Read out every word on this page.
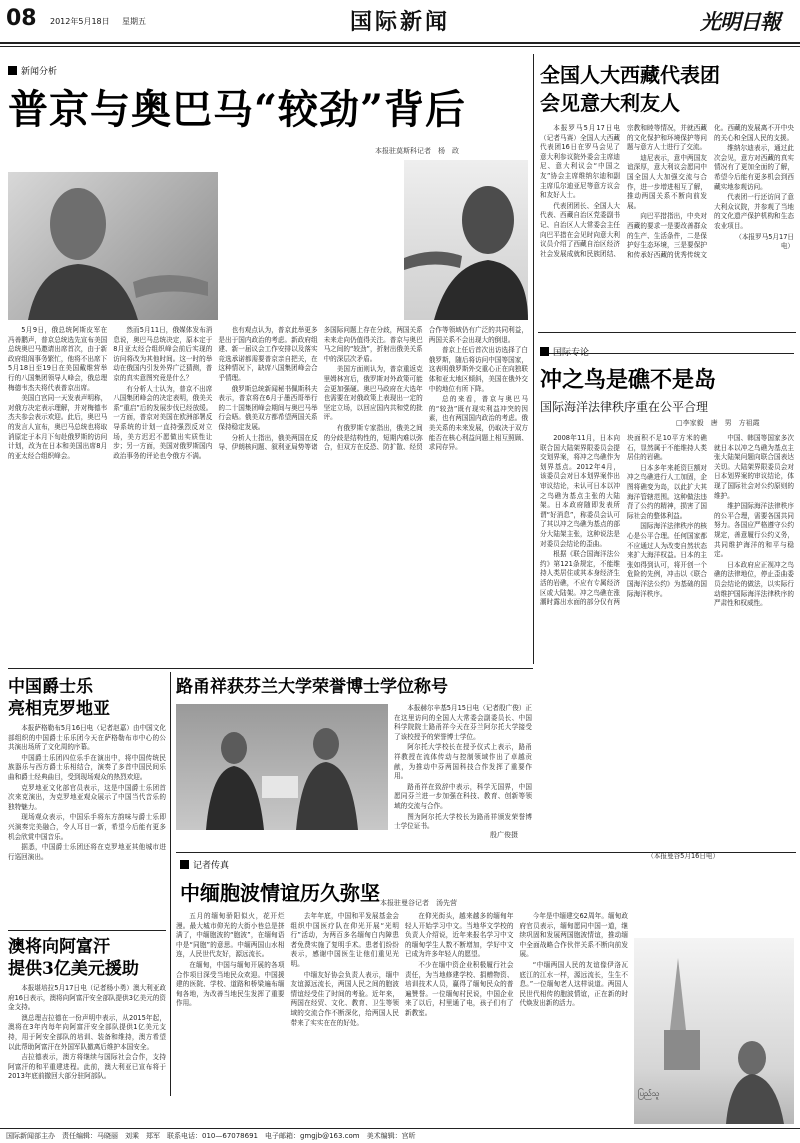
08 2012年5月18日 星期五	国际新闻	光明日報
新闻分析
普京与奥巴马“较劲”背后
本报驻莫斯科记者　杨　政

5月9日，俄总统阿斯皮军在冯善鹏声，普京总统选先宣布美国总统奥巴马邀请出席首次，由于新政府组阁事务繁忙，他将不出席下5月18日至19日在美国戴维营举行的八国集团领导人峰会，俄总理梅德韦杰夫将代表普京出席。

美国白宫同一天发表声明称，对俄方决定表示理解，并对梅德韦杰夫参会表示欢迎。此后，奥巴马的发言人宣布，奥巴马总统也将取消原定于本月下旬赴俄罗斯的访问计划，改为在日本和美国出席8月的亚太经合组织峰会。

然而5月11日，俄媒体发布消息说，奥巴马总统决定，原本定于8月亚太经合组织峰会前后实现的访问将改为其他时间。这一时的举动在俄国内引发外界广泛猜测，普京的真实意图究竟是什么？

有分析人士认为，普京不出席八国集团峰会的决定表明，俄美关系“重启”后的发展步伐已经放缓。一方面，普京对美国在欧洲部署反导系统的计划一直持强烈反对立场，美方迟迟不愿做出实质性让步；另一方面，美国对俄罗斯国内政治事务的评论也令俄方不满。

也有观点认为，普京此举更多是出于国内政治的考虑。新政府组建、新一届议会工作安排以及落实竞选承诺都需要普京亲自把关，在这种情况下，缺席八国集团峰会合乎情理。

俄罗斯总统新闻秘书佩斯科夫表示，普京将在6月于墨西哥举行的二十国集团峰会期间与奥巴马举行会晤。俄美双方都希望两国关系保持稳定发展。

分析人士指出，俄美两国在反导、伊朗核问题、叙利亚局势等诸多国际问题上存在分歧，两国关系未来走向仍值得关注。普京与奥巴马之间的“较劲”，折射出俄美关系中的深层次矛盾。

美国方面则认为，普京重返克里姆林宫后，俄罗斯对外政策可能会更加强硬。奥巴马政府在大选年也需要在对俄政策上表现出一定的坚定立场，以回应国内共和党的批评。

有俄罗斯专家指出，俄美之间的分歧是结构性的，短期内难以弥合，但双方在反恐、防扩散、经贸合作等领域仍有广泛的共同利益，两国关系不会出现大的倒退。

普京上任后首次出访选择了白俄罗斯，随后将访问中国等国家，这表明俄罗斯外交重心正在向独联体和亚太地区倾斜，美国在俄外交中的地位有所下降。

总的来看，普京与奥巴马的“较劲”既有现实利益冲突的因素，也有两国国内政治的考虑。俄美关系的未来发展，仍取决于双方能否在核心利益问题上相互照顾、求同存异。

全国人大西藏代表团
会见意大利友人

本报罗马5月17日电（记者马赛）全国人大西藏代表团16日在罗马会见了意大利参议院外委会主席迪尼、意大利议会“中国之友”协会主席维纳尔迪和副主席瓜尔迪亚尼等意方议会和友好人士。

代表团团长、全国人大代表、西藏自治区党委副书记、自治区人大常委会主任向巴平措在会见时向意大利议员介绍了西藏自治区经济社会发展成就和民族团结、宗教和睦等情况，并就西藏的文化保护和环境保护等问题与意方人士进行了交流。

迪尼表示，意中两国友谊深厚，意大利议会愿同中国全国人大加强交流与合作，进一步增进相互了解，推动两国关系不断向前发展。

向巴平措指出，中央对西藏的要求一是要改善群众的生产、生活条件，二是保护好生态环境，三是要保护和传承好西藏的优秀传统文化。西藏的发展离不开中央的关心和全国人民的支援。

维纳尔迪表示，通过此次会见，意方对西藏的真实情况有了更加全面的了解，希望今后能有更多机会到西藏实地参观访问。

代表团一行还访问了意大利众议院，并参观了当地的文化遗产保护机构和生态农业项目。

（本报罗马5月17日电）

国际专论
冲之鸟是礁不是岛
国际海洋法律秩序重在公平合理
□李家毅　唐　男　方祖霞

2008年11月，日本向联合国大陆架界限委员会提交划界案，将冲之鸟礁作为划界基点。2012年4月，该委员会对日本划界案作出审议结论，未认可日本以冲之鸟礁为基点主张的大陆架。日本政府随即发表所谓“好消息”，称委员会认可了其以冲之鸟礁为基点的部分大陆架主张，这种说法是对委员会结论的歪曲。

根据《联合国海洋法公约》第121条规定，不能维持人类居住或其本身经济生活的岩礁，不应有专属经济区或大陆架。冲之鸟礁在涨潮时露出水面的部分仅有两块面积不足10平方米的礁石，显然属于不能维持人类居住的岩礁。

日本多年来耗资巨额对冲之鸟礁进行人工加固，企图将礁变为岛，以此扩大其海洋管辖范围。这种做法违背了公约的精神，损害了国际社会的整体利益。

国际海洋法律秩序的核心是公平合理。任何国家都不应通过人为改变自然状态来扩大海洋权益。日本的主张如得到认可，将开创一个危险的先例，冲击以《联合国海洋法公约》为基础的国际海洋秩序。

中国、韩国等国家多次就日本以冲之鸟礁为基点主张大陆架问题向联合国表达关切。大陆架界限委员会对日本划界案的审议结论，体现了国际社会对公约原则的维护。

维护国际海洋法律秩序的公平合理，需要各国共同努力。各国应严格遵守公约规定，善意履行公约义务，共同维护海洋的和平与稳定。

日本政府应正视冲之鸟礁的法律地位，停止歪曲委员会结论的做法，以实际行动维护国际海洋法律秩序的严肃性和权威性。

中国爵士乐
亮相克罗地亚

本报萨格勒布5月16日电（记者赵嘉）由中国文化部组织的中国爵士乐乐团今天在萨格勒布市中心的公共演出场所了文化周的序幕。

中国爵士乐团四位乐手在演出中，将中国传统民族器乐与西方爵士乐相结合，演奏了多首中国民间乐曲和爵士经典曲目，受到现场观众的热烈欢迎。

克罗地亚文化部官员表示，这是中国爵士乐团首次来克演出，为克罗地亚观众展示了中国当代音乐的独特魅力。

现场观众表示，中国乐手将东方韵味与爵士乐即兴演奏完美融合，令人耳目一新，希望今后能有更多机会欣赏中国音乐。

据悉，中国爵士乐团还将在克罗地亚其他城市进行巡回演出。

路甬祥获芬兰大学荣誉博士学位称号

本报赫尔辛基5月15日电（记者殷广俊）正在这里访问的全国人大常委会副委员长、中国科学院院士路甬祥今天在芬兰阿尔托大学接受了该校授予的荣誉博士学位。

阿尔托大学校长在授予仪式上表示，路甬祥教授在流体传动与控制领域作出了卓越贡献，为推动中芬两国科技合作发挥了重要作用。

路甬祥在致辞中表示，科学无国界，中国愿同芬兰进一步加强在科技、教育、创新等领域的交流与合作。

图为阿尔托大学校长为路甬祥颁发荣誉博士学位证书。

殷广俊摄
澳将向阿富汗
提供3亿美元援助

本报堪培拉5月17日电（记者杨小勇）澳大利亚政府16日表示，澳将向阿富汗安全部队提供3亿美元的资金支持。

澳总理吉拉德在一份声明中表示，从2015年起，澳将在3年内每年向阿富汗安全部队提供1亿美元支持，用于阿安全部队的培训、装备和维持，澳方希望以此帮助阿富汗在外国军队撤离后维护本国安全。

吉拉德表示，澳方将继续与国际社会合作，支持阿富汗的和平重建进程。此前，澳大利亚已宣布将于2013年底前撤回大部分驻阿部队。

记者传真
中缅胞波情谊历久弥坚 本报驻曼谷记者　汤先营

五月的缅甸骄阳似火，花开烂漫。最大城市仰光的大街小巷总是挤满了，中缅胞波的“胞波”，在缅甸语中是“同胞”的意思。中缅两国山水相连，人民世代友好，源远流长。

在缅甸，中国与缅甸开展的各项合作项目深受当地民众欢迎。中国援建的医院、学校、道路和桥梁遍布缅甸各地，为改善当地民生发挥了重要作用。

去年年底，中国和平发展基金会组织中国医疗队在仰光开展“光明行”活动，为两百多名缅甸白内障患者免费实施了复明手术。患者们纷纷表示，感谢中国医生让他们重见光明。

中缅友好协会负责人表示，缅中友谊源远流长，两国人民之间的胞波情谊经受住了时间的考验。近年来，两国在经贸、文化、教育、卫生等领域的交流合作不断深化，给两国人民带来了实实在在的好处。

在仰光街头，越来越多的缅甸年轻人开始学习中文。当地华文学校的负责人介绍说，近年来报名学习中文的缅甸学生人数不断增加，学好中文已成为许多年轻人的愿望。

不少在缅中资企业积极履行社会责任，为当地修建学校、捐赠物资、培训技术人员，赢得了缅甸民众的普遍赞誉。一位缅甸村民说，中国企业来了以后，村里通了电，孩子们有了新教室。

今年是中缅建交62周年。缅甸政府官员表示，缅甸愿同中国一道，继续巩固和发展两国胞波情谊，推动缅中全面战略合作伙伴关系不断向前发展。

“中缅两国人民的友谊像伊洛瓦底江的江水一样，源远流长，生生不息。”一位缅甸老人这样说道。两国人民世代相传的胞波情谊，正在新的时代焕发出新的活力。

（本报曼谷5月16日电）

ပြည်သူ
国际新闻部主办　责任编辑：马晓丽　刘乘　郑军　联系电话：010—67078691　电子邮箱：gmgjb@163.com　美术编辑：宫昕
